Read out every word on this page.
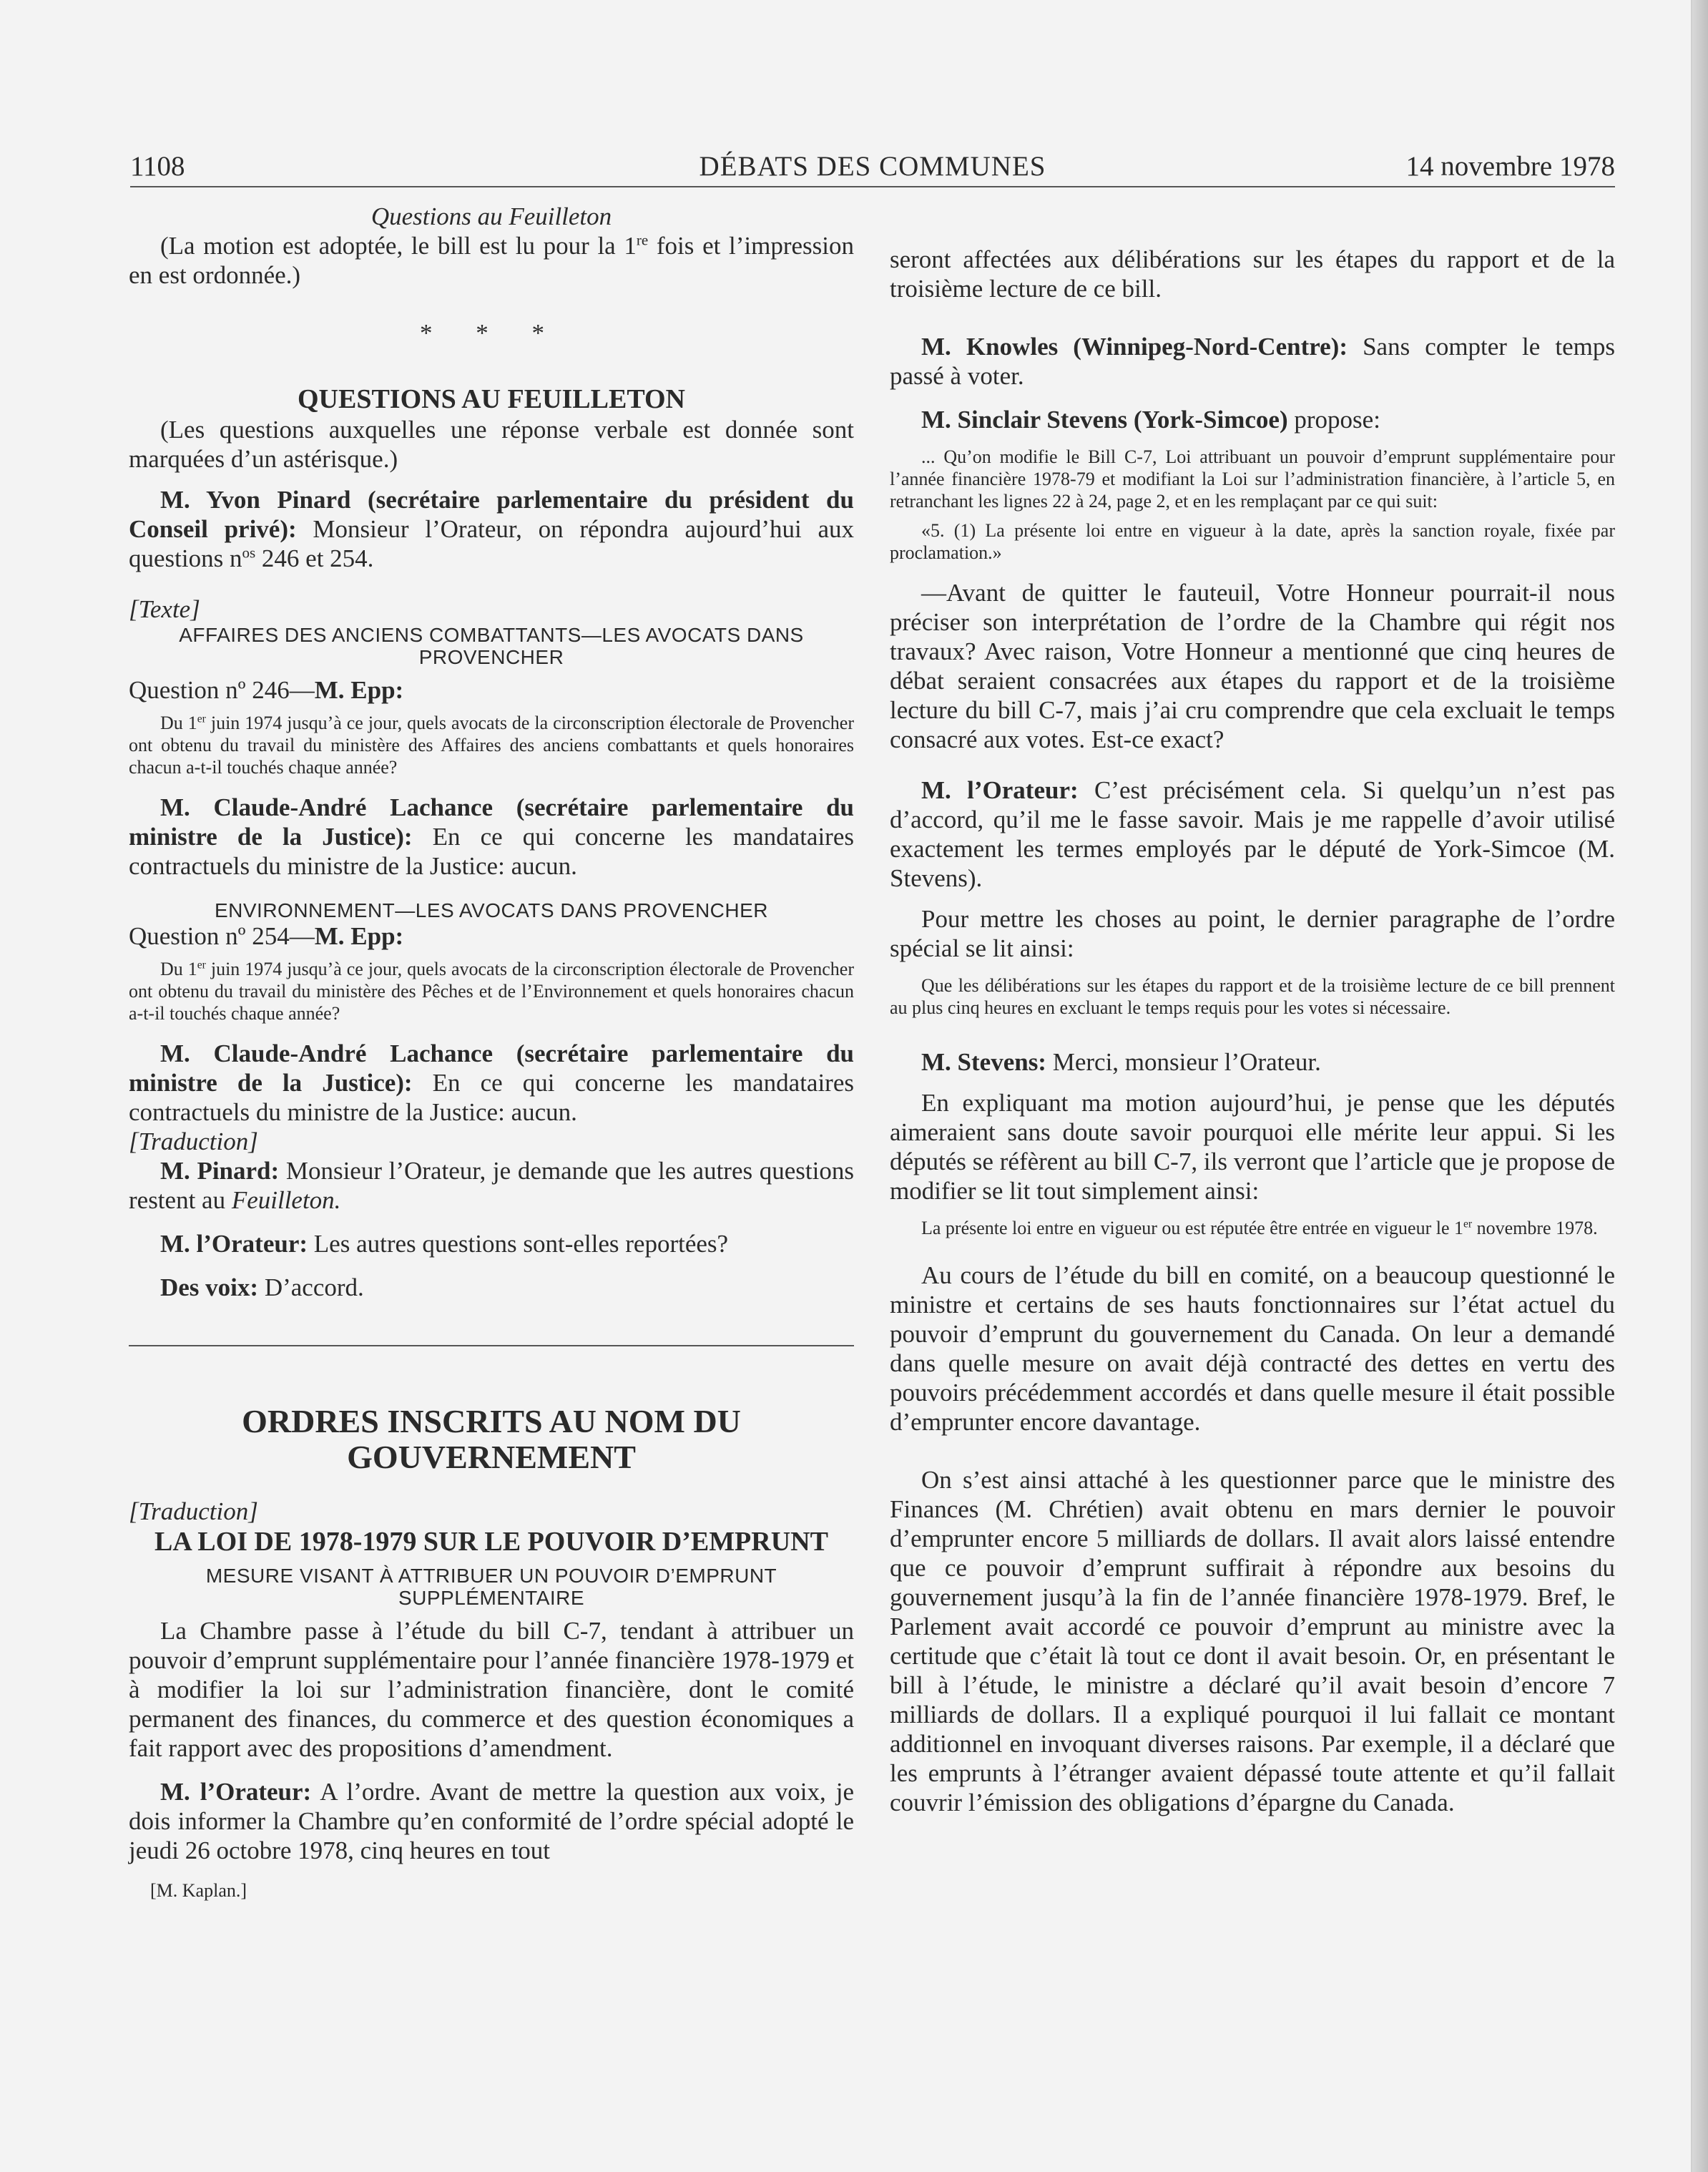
1108	DÉBATS DES COMMUNES	14 novembre 1978
Questions au Feuilleton

(La motion est adoptée, le bill est lu pour la 1re fois et l’impression en est ordonnée.)

* * *
QUESTIONS AU FEUILLETON

(Les questions auxquelles une réponse verbale est donnée sont marquées d’un astérisque.)

M. Yvon Pinard (secrétaire parlementaire du président du Conseil privé): Monsieur l’Orateur, on répondra aujourd’hui aux questions $n^{os}$ 246 et 254.

[Texte]
AFFAIRES DES ANCIENS COMBATTANTS—LES AVOCATS DANS PROVENCHER

Question nº 246—M. Epp:

Du 1er juin 1974 jusqu’à ce jour, quels avocats de la circonscription électorale de Provencher ont obtenu du travail du ministère des Affaires des anciens combattants et quels honoraires chacun a-t-il touchés chaque année?

M. Claude-André Lachance (secrétaire parlementaire du ministre de la Justice): En ce qui concerne les mandataires contractuels du ministre de la Justice: aucun.

ENVIRONNEMENT—LES AVOCATS DANS PROVENCHER

Question nº 254—M. Epp:

Du 1er juin 1974 jusqu’à ce jour, quels avocats de la circonscription électorale de Provencher ont obtenu du travail du ministère des Pêches et de l’Environnement et quels honoraires chacun a-t-il touchés chaque année?

M. Claude-André Lachance (secrétaire parlementaire du ministre de la Justice): En ce qui concerne les mandataires contractuels du ministre de la Justice: aucun.

[Traduction]

M. Pinard: Monsieur l’Orateur, je demande que les autres questions restent au Feuilleton.

M. l’Orateur: Les autres questions sont-elles reportées?

Des voix: D’accord.

ORDRES INSCRITS AU NOM DU GOUVERNEMENT
[Traduction]
LA LOI DE 1978-1979 SUR LE POUVOIR D’EMPRUNT
MESURE VISANT À ATTRIBUER UN POUVOIR D’EMPRUNT SUPPLÉMENTAIRE

La Chambre passe à l’étude du bill C-7, tendant à attribuer un pouvoir d’emprunt supplémentaire pour l’année financière 1978-1979 et à modifier la loi sur l’administration financière, dont le comité permanent des finances, du commerce et des question économiques a fait rapport avec des propositions d’amendment.

M. l’Orateur: A l’ordre. Avant de mettre la question aux voix, je dois informer la Chambre qu’en conformité de l’ordre spécial adopté le jeudi 26 octobre 1978, cinq heures en tout

[M. Kaplan.]

seront affectées aux délibérations sur les étapes du rapport et de la troisième lecture de ce bill.

M. Knowles (Winnipeg-Nord-Centre): Sans compter le temps passé à voter.

M. Sinclair Stevens (York-Simcoe) propose:

... Qu’on modifie le Bill C-7, Loi attribuant un pouvoir d’emprunt supplémentaire pour l’année financière 1978-79 et modifiant la Loi sur l’administration financière, à l’article 5, en retranchant les lignes 22 à 24, page 2, et en les remplaçant par ce qui suit:

«5. (1) La présente loi entre en vigueur à la date, après la sanction royale, fixée par proclamation.»

—Avant de quitter le fauteuil, Votre Honneur pourrait-il nous préciser son interprétation de l’ordre de la Chambre qui régit nos travaux? Avec raison, Votre Honneur a mentionné que cinq heures de débat seraient consacrées aux étapes du rapport et de la troisième lecture du bill C-7, mais j’ai cru comprendre que cela excluait le temps consacré aux votes. Est-ce exact?

M. l’Orateur: C’est précisément cela. Si quelqu’un n’est pas d’accord, qu’il me le fasse savoir. Mais je me rappelle d’avoir utilisé exactement les termes employés par le député de York-Simcoe (M. Stevens).

Pour mettre les choses au point, le dernier paragraphe de l’ordre spécial se lit ainsi:

Que les délibérations sur les étapes du rapport et de la troisième lecture de ce bill prennent au plus cinq heures en excluant le temps requis pour les votes si nécessaire.

M. Stevens: Merci, monsieur l’Orateur.

En expliquant ma motion aujourd’hui, je pense que les députés aimeraient sans doute savoir pourquoi elle mérite leur appui. Si les députés se réfèrent au bill C-7, ils verront que l’article que je propose de modifier se lit tout simplement ainsi:

La présente loi entre en vigueur ou est réputée être entrée en vigueur le 1er novembre 1978.

Au cours de l’étude du bill en comité, on a beaucoup questionné le ministre et certains de ses hauts fonctionnaires sur l’état actuel du pouvoir d’emprunt du gouvernement du Canada. On leur a demandé dans quelle mesure on avait déjà contracté des dettes en vertu des pouvoirs précédemment accordés et dans quelle mesure il était possible d’emprunter encore davantage.

On s’est ainsi attaché à les questionner parce que le ministre des Finances (M. Chrétien) avait obtenu en mars dernier le pouvoir d’emprunter encore 5 milliards de dollars. Il avait alors laissé entendre que ce pouvoir d’emprunt suffirait à répondre aux besoins du gouvernement jusqu’à la fin de l’année financière 1978-1979. Bref, le Parlement avait accordé ce pouvoir d’emprunt au ministre avec la certitude que c’était là tout ce dont il avait besoin. Or, en présentant le bill à l’étude, le ministre a déclaré qu’il avait besoin d’encore 7 milliards de dollars. Il a expliqué pourquoi il lui fallait ce montant additionnel en invoquant diverses raisons. Par exemple, il a déclaré que les emprunts à l’étranger avaient dépassé toute attente et qu’il fallait couvrir l’émission des obligations d’épargne du Canada.
